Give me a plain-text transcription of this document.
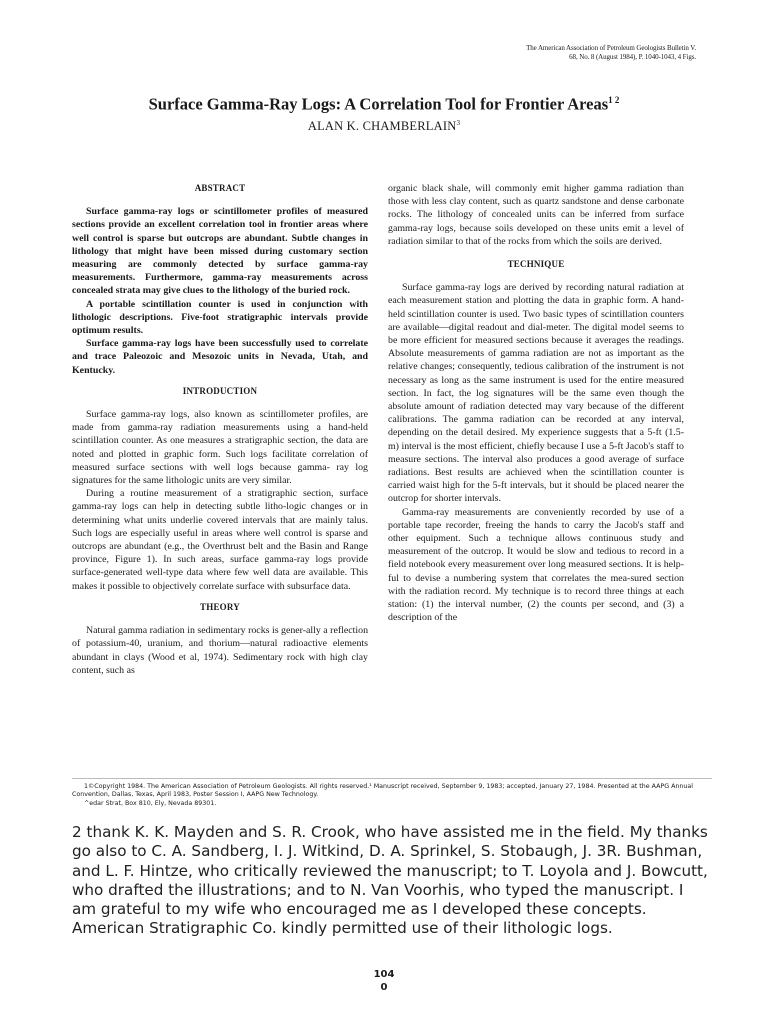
The American Association of Petroleum Geologists Bulletin V.
68, No. 8 (August 1984), P. 1040-1043, 4 Figs.
Surface Gamma-Ray Logs: A Correlation Tool for Frontier Areas$^{1 2}$
ALAN K. CHAMBERLAIN$^3$
ABSTRACT

Surface gamma-ray logs or scintillometer profiles of measured sections provide an excellent correlation tool in frontier areas where well control is sparse but outcrops are abundant. Subtle changes in lithology that might have been missed during customary section measuring are commonly detected by surface gamma-ray measurements. Furthermore, gamma-ray measurements across concealed strata may give clues to the lithology of the buried rock.

A portable scintillation counter is used in conjunction with lithologic descriptions. Five-foot stratigraphic intervals provide optimum results.

Surface gamma-ray logs have been successfully used to correlate and trace Paleozoic and Mesozoic units in Nevada, Utah, and Kentucky.

INTRODUCTION

Surface gamma-ray logs, also known as scintillometer profiles, are made from gamma-ray radiation measurements using a hand-held scintillation counter. As one measures a stratigraphic section, the data are noted and plotted in graphic form. Such logs facilitate correlation of measured surface sections with well logs because gamma- ray log signatures for the same lithologic units are very similar.

During a routine measurement of a stratigraphic section, surface gamma-ray logs can help in detecting subtle litho-logic changes or in determining what units underlie covered intervals that are mainly talus. Such logs are especially useful in areas where well control is sparse and outcrops are abundant (e.g., the Overthrust belt and the Basin and Range province, Figure 1). In such areas, surface gamma-ray logs provide surface-generated well-type data where few well data are available. This makes it possible to objectively correlate surface with subsurface data.

THEORY

Natural gamma radiation in sedimentary rocks is gener-ally a reflection of potassium-40, uranium, and thorium—natural radioactive elements abundant in clays (Wood et al, 1974). Sedimentary rock with high clay content, such as

organic black shale, will commonly emit higher gamma radiation than those with less clay content, such as quartz sandstone and dense carbonate rocks. The lithology of concealed units can be inferred from surface gamma-ray logs, because soils developed on these units emit a level of radiation similar to that of the rocks from which the soils are derived.

TECHNIQUE

Surface gamma-ray logs are derived by recording natural radiation at each measurement station and plotting the data in graphic form. A hand-held scintillation counter is used. Two basic types of scintillation counters are available—digital readout and dial-meter. The digital model seems to be more efficient for measured sections because it averages the readings. Absolute measurements of gamma radiation are not as important as the relative changes; consequently, tedious calibration of the instrument is not necessary as long as the same instrument is used for the entire measured section. In fact, the log signatures will be the same even though the absolute amount of radiation detected may vary because of the different calibrations. The gamma radiation can be recorded at any interval, depending on the detail desired. My experience suggests that a 5-ft (1.5-m) interval is the most efficient, chiefly because I use a 5-ft Jacob's staff to measure sections. The interval also produces a good average of surface radiations. Best results are achieved when the scintillation counter is carried waist high for the 5-ft intervals, but it should be placed nearer the outcrop for shorter intervals.

Gamma-ray measurements are conveniently recorded by use of a portable tape recorder, freeing the hands to carry the Jacob's staff and other equipment. Such a technique allows continuous study and measurement of the outcrop. It would be slow and tedious to record in a field notebook every measurement over long measured sections. It is help-ful to devise a numbering system that correlates the mea-sured section with the radiation record. My technique is to record three things at each station: (1) the interval number, (2) the counts per second, and (3) a description of the

1©Copyright 1984. The American Association of Petroleum Geologists. All rights reserved.¹ Manuscript received, September 9, 1983; accepted, January 27, 1984. Presented at the AAPG Annual Convention, Dallas, Texas, April 1983, Poster Session I, AAPG New Technology.

^edar Strat, Box 810, Ely, Nevada 89301.

2 thank K. K. Mayden and S. R. Crook, who have assisted me in the field. My thanks go also to C. A. Sandberg, I. J. Witkind, D. A. Sprinkel, S. Stobaugh, J. 3R. Bushman, and L. F. Hintze, who critically reviewed the manuscript; to T. Loyola and J. Bowcutt, who drafted the illustrations; and to N. Van Voorhis, who typed the manuscript. I am grateful to my wife who encouraged me as I developed these concepts. American Stratigraphic Co. kindly permitted use of their lithologic logs.
104
0
